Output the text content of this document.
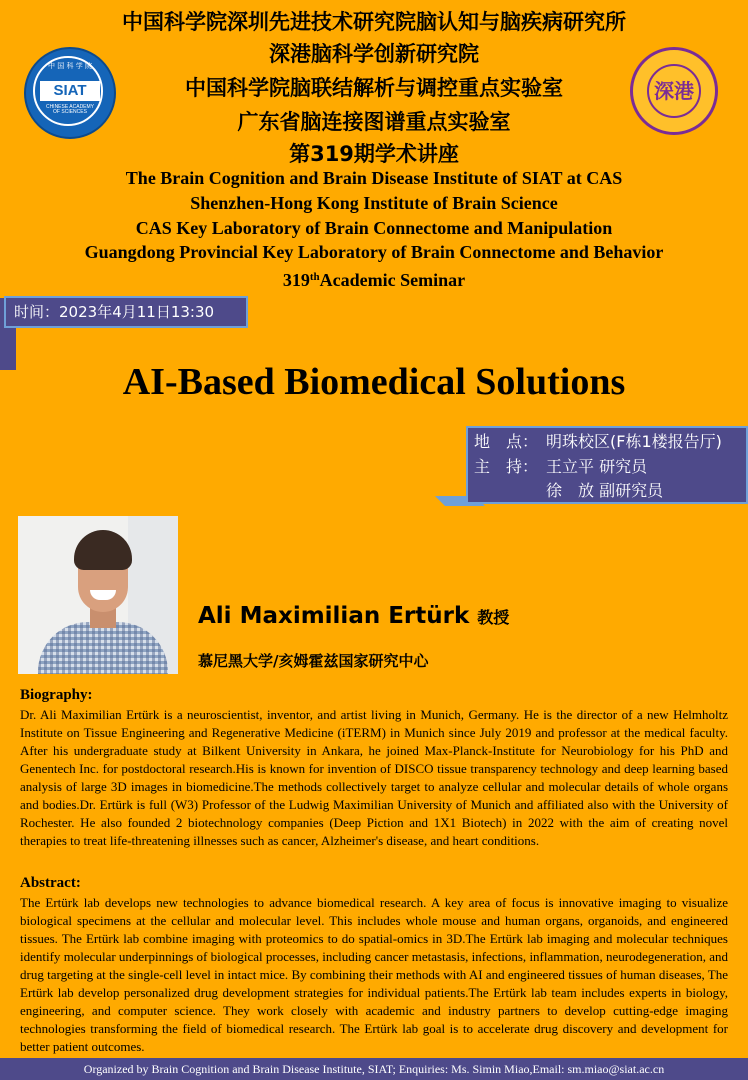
中国科学院深圳先进技术研究院脑认知与脑疾病研究所
深港脑科学创新研究院
中国科学院脑联结解析与调控重点实验室
广东省脑连接图谱重点实验室
第319期学术讲座
The Brain Cognition and Brain Disease Institute of SIAT at CAS
Shenzhen-Hong Kong Institute of Brain Science
CAS Key Laboratory of Brain Connectome and Manipulation
Guangdong Provincial Key Laboratory of Brain Connectome and Behavior
319thAcademic Seminar
中 国 科 学 院
SIAT
CHINESE ACADEMY OF SCIENCES
深港
时间：2023年4月11日13:30
AI-Based Biomedical Solutions
地　点： 明珠校区(F栋1楼报告厅)
主　持： 王立平 研究员
徐　放 副研究员
Ali Maximilian Ertürk 教授
慕尼黑大学/亥姆霍兹国家研究中心
Biography:

Dr. Ali Maximilian Ertürk is a neuroscientist, inventor, and artist living in Munich, Germany. He is the director of a new Helmholtz Institute on Tissue Engineering and Regenerative Medicine (iTERM) in Munich since July 2019 and professor at the medical faculty. After his undergraduate study at Bilkent University in Ankara, he joined Max-Planck-Institute for Neurobiology for his PhD and Genentech Inc. for postdoctoral research.His is known for invention of DISCO tissue transparency technology and deep learning based analysis of large 3D images in biomedicine.The methods collectively target to analyze cellular and molecular details of whole organs and bodies.Dr. Ertürk is full (W3) Professor of the Ludwig Maximilian University of Munich and affiliated also with the University of Rochester. He also founded 2 biotechnology companies (Deep Piction and 1X1 Biotech) in 2022 with the aim of creating novel therapies to treat life-threatening illnesses such as cancer, Alzheimer's disease, and heart conditions.

Abstract:

The Ertürk lab develops new technologies to advance biomedical research. A key area of focus is innovative imaging to visualize biological specimens at the cellular and molecular level. This includes whole mouse and human organs, organoids, and engineered tissues. The Ertürk lab combine imaging with proteomics to do spatial-omics in 3D.The Ertürk lab imaging and molecular techniques identify molecular underpinnings of biological processes, including cancer metastasis, infections, inflammation, neurodegeneration, and drug targeting at the single-cell level in intact mice. By combining their methods with AI and engineered tissues of human diseases, The Ertürk lab develop personalized drug development strategies for individual patients.The Ertürk lab team includes experts in biology, engineering, and computer science. They work closely with academic and industry partners to develop cutting-edge imaging technologies transforming the field of biomedical research. The Ertürk lab goal is to accelerate drug discovery and development for better patient outcomes.

Organized by Brain Cognition and Brain Disease Institute, SIAT; Enquiries: Ms. Simin Miao,Email: sm.miao@siat.ac.cn
